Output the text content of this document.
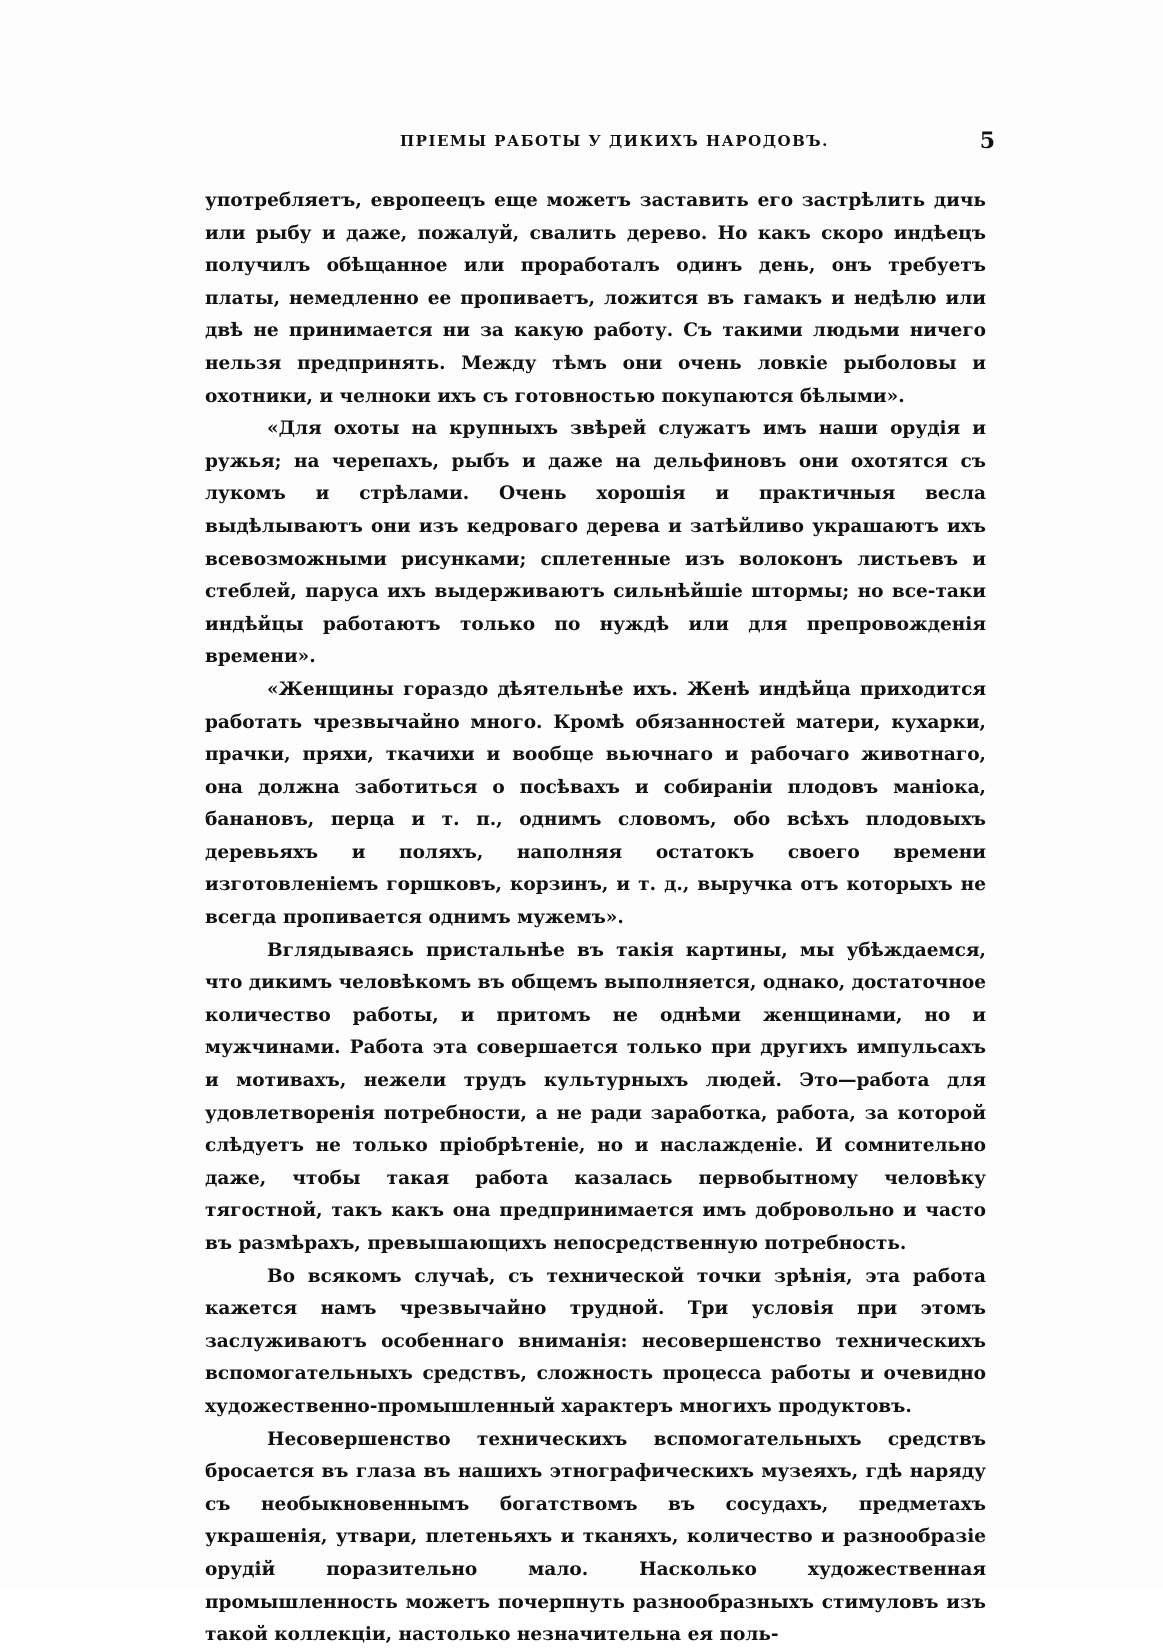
ПРІЕМЫ РАБОТЫ У ДИКИХЪ НАРОДОВЪ.	5

употребляетъ, европеецъ еще можетъ заставить его застрѣлить дичь или рыбу и даже, пожалуй, свалить дерево. Но какъ скоро индѣецъ получилъ обѣщанное или проработалъ одинъ день, онъ требуетъ платы, немедленно ее пропиваетъ, ложится въ гамакъ и недѣлю или двѣ не принимается ни за какую работу. Съ такими людьми ничего нельзя предпринять. Между тѣмъ они очень ловкіе рыболовы и охотники, и челноки ихъ съ готовностью покупаются бѣлыми».

«Для охоты на крупныхъ звѣрей служатъ имъ наши орудія и ружья; на черепахъ, рыбъ и даже на дельфиновъ они охотятся съ лукомъ и стрѣлами. Очень хорошія и практичныя весла выдѣлываютъ они изъ кедроваго дерева и затѣйливо украшаютъ ихъ всевозможными рисунками; сплетенные изъ волоконъ листьевъ и стеблей, паруса ихъ выдерживаютъ сильнѣйшіе штормы; но все-таки индѣйцы работаютъ только по нуждѣ или для препровожденія времени».

«Женщины гораздо дѣятельнѣе ихъ. Женѣ индѣйца приходится работать чрезвычайно много. Кромѣ обязанностей матери, кухарки, прачки, пряхи, ткачихи и вообще вьючнаго и рабочаго животнаго, она должна заботиться о посѣвахъ и собираніи плодовъ маніока, банановъ, перца и т. п., однимъ словомъ, обо всѣхъ плодовыхъ деревьяхъ и поляхъ, наполняя остатокъ своего времени изготовленіемъ горшковъ, корзинъ, и т. д., выручка отъ которыхъ не всегда пропивается однимъ мужемъ».

Вглядываясь пристальнѣе въ такія картины, мы убѣждаемся, что дикимъ человѣкомъ въ общемъ выполняется, однако, достаточное количество работы, и притомъ не однѣми женщинами, но и мужчинами. Работа эта совершается только при другихъ импульсахъ и мотивахъ, нежели трудъ культурныхъ людей. Это—работа для удовлетворенія потребности, а не ради заработка, работа, за которой слѣдуетъ не только пріобрѣтеніе, но и наслажденіе. И сомнительно даже, чтобы такая работа казалась первобытному человѣку тягостной, такъ какъ она предпринимается имъ добровольно и часто въ размѣрахъ, превышающихъ непосредственную потребность.

Во всякомъ случаѣ, съ технической точки зрѣнія, эта работа кажется намъ чрезвычайно трудной. Три условія при этомъ заслуживаютъ особеннаго вниманія: несовершенство техническихъ вспомогательныхъ средствъ, сложность процесса работы и очевидно художественно-промышленный характеръ многихъ продуктовъ.

Несовершенство техническихъ вспомогательныхъ средствъ бросается въ глаза въ нашихъ этнографическихъ музеяхъ, гдѣ наряду съ необыкновеннымъ богатствомъ въ сосудахъ, предметахъ украшенія, утвари, плетеньяхъ и тканяхъ, количество и разнообразіе орудій поразительно мало. Насколько художественная промышленность можетъ почерпнуть разнообразныхъ стимуловъ изъ такой коллекціи, настолько незначительна ея поль-
